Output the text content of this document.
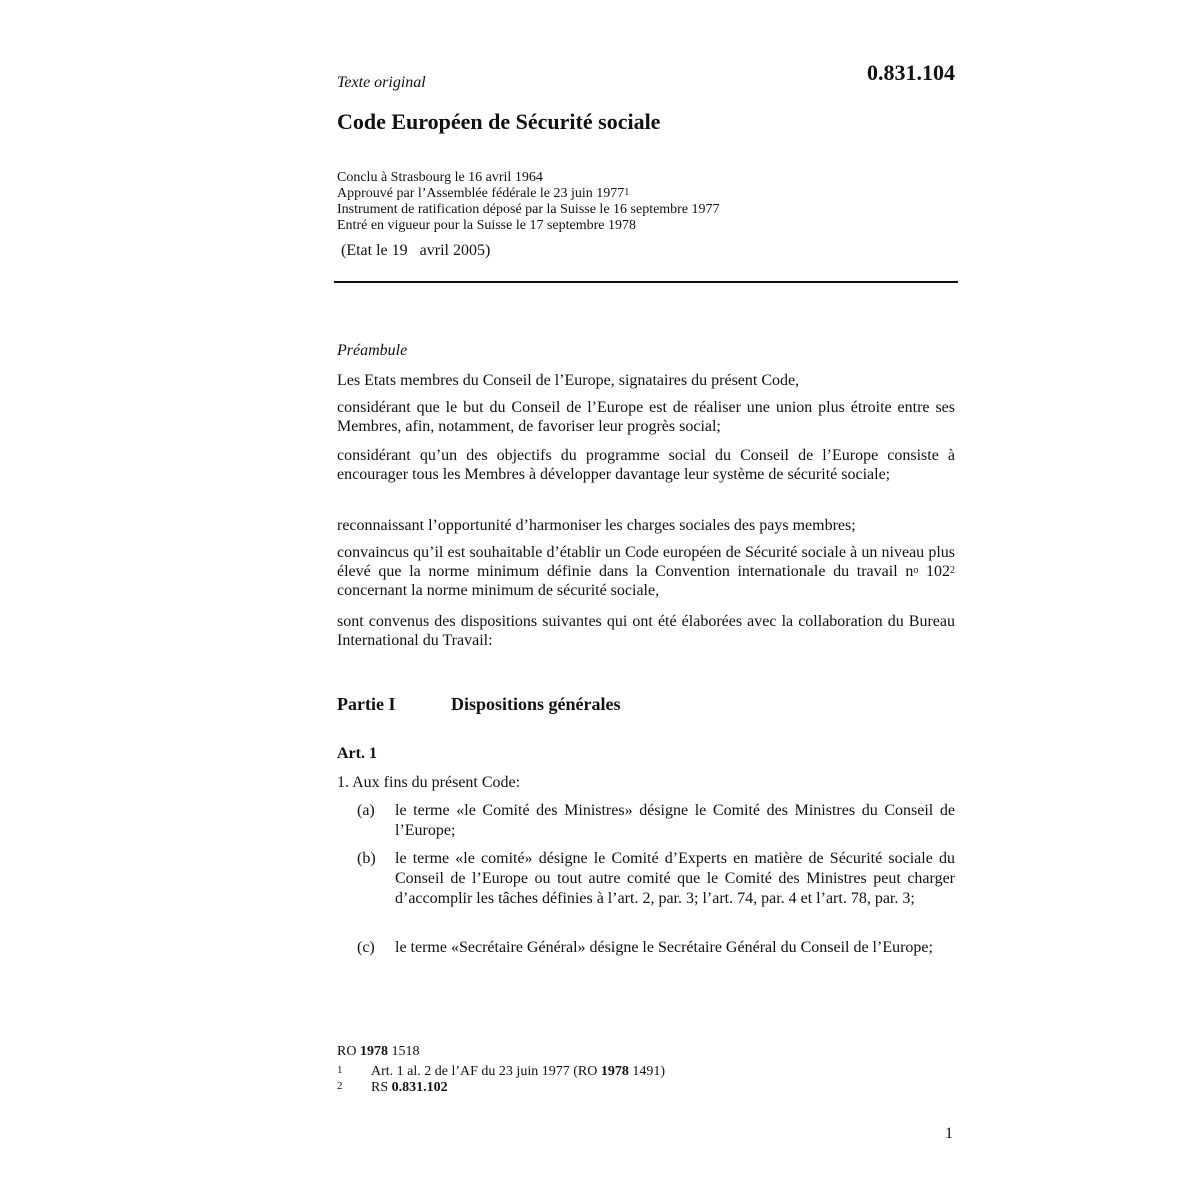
0.831.104
Texte original
Code Européen de Sécurité sociale
Conclu à Strasbourg le 16 avril 1964
Approuvé par l’Assemblée fédérale le 23 juin 1977$^1$
Instrument de ratification déposé par la Suisse le 16 septembre 1977
Entré en vigueur pour la Suisse le 17 septembre 1978
(Etat le 19   avril 2005)
Préambule
Les Etats membres du Conseil de l’Europe, signataires du présent Code,
considérant que le but du Conseil de l’Europe est de réaliser une union plus étroite entre ses Membres, afin, notamment, de favoriser leur progrès social;
considérant qu’un des objectifs du programme social du Conseil de l’Europe consiste à encourager tous les Membres à développer davantage leur système de sécurité sociale;
reconnaissant l’opportunité d’harmoniser les charges sociales des pays membres;
convaincus qu’il est souhaitable d’établir un Code européen de Sécurité sociale à un niveau plus élevé que la norme minimum définie dans la Convention internationale du travail $n^o$ $102^2$ concernant la norme minimum de sécurité sociale,
sont convenus des dispositions suivantes qui ont été élaborées avec la collaboration du Bureau International du Travail:
Partie I	Dispositions générales
Art. 1
1. Aux fins du présent Code:
(a) le terme «le Comité des Ministres» désigne le Comité des Ministres du Conseil de l’Europe;
(b) le terme «le comité» désigne le Comité d’Experts en matière de Sécurité sociale du Conseil de l’Europe ou tout autre comité que le Comité des Ministres peut charger d’accomplir les tâches définies à l’art. 2, par. 3; l’art. 74, par. 4 et l’art. 78, par. 3;
(c) le terme «Secrétaire Général» désigne le Secrétaire Général du Conseil de l’Europe;
RO 1978 1518
1 Art. 1 al. 2 de l’AF du 23 juin 1977 (RO 1978 1491)
2 RS 0.831.102
1
